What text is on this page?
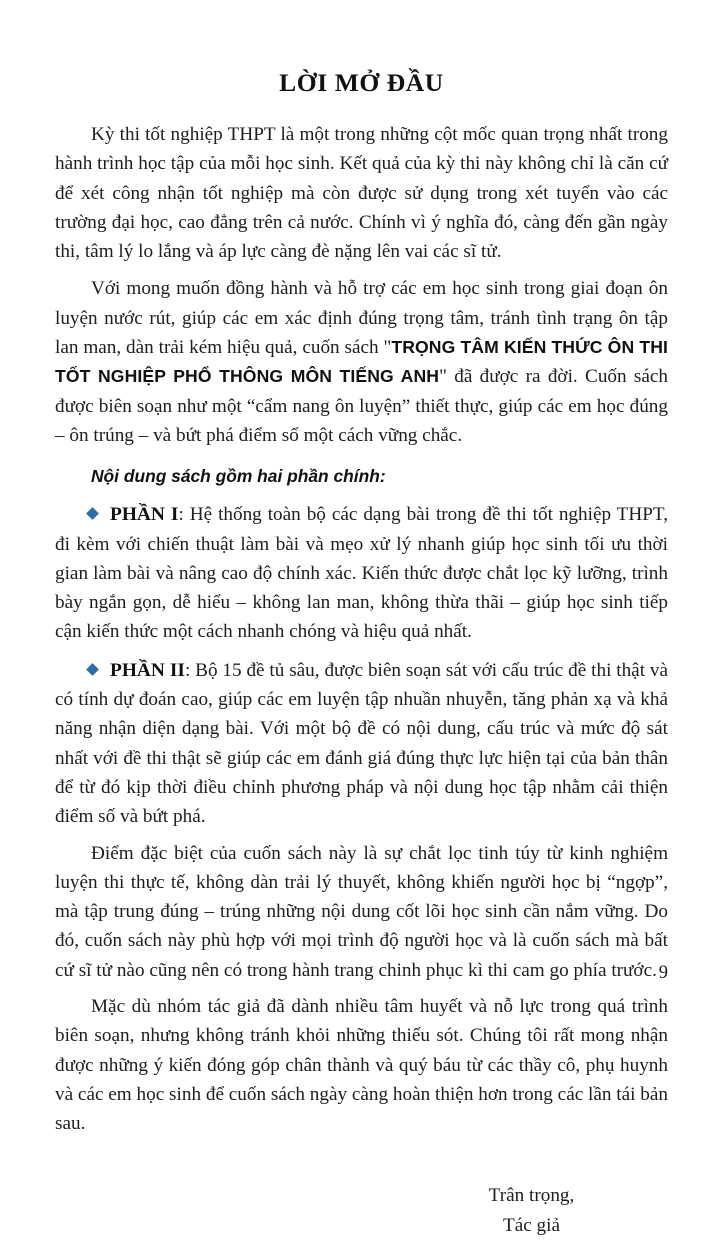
LỜI MỞ ĐẦU

Kỳ thi tốt nghiệp THPT là một trong những cột mốc quan trọng nhất trong hành trình học tập của mỗi học sinh. Kết quả của kỳ thi này không chỉ là căn cứ để xét công nhận tốt nghiệp mà còn được sử dụng trong xét tuyển vào các trường đại học, cao đẳng trên cả nước. Chính vì ý nghĩa đó, càng đến gần ngày thi, tâm lý lo lắng và áp lực càng đè nặng lên vai các sĩ tử.

Với mong muốn đồng hành và hỗ trợ các em học sinh trong giai đoạn ôn luyện nước rút, giúp các em xác định đúng trọng tâm, tránh tình trạng ôn tập lan man, dàn trải kém hiệu quả, cuốn sách "TRỌNG TÂM KIẾN THỨC ÔN THI TỐT NGHIỆP PHỔ THÔNG MÔN TIẾNG ANH" đã được ra đời. Cuốn sách được biên soạn như một “cẩm nang ôn luyện” thiết thực, giúp các em học đúng – ôn trúng – và bứt phá điểm số một cách vững chắc.

Nội dung sách gồm hai phần chính:

PHẦN I: Hệ thống toàn bộ các dạng bài trong đề thi tốt nghiệp THPT, đi kèm với chiến thuật làm bài và mẹo xử lý nhanh giúp học sinh tối ưu thời gian làm bài và nâng cao độ chính xác. Kiến thức được chắt lọc kỹ lưỡng, trình bày ngắn gọn, dễ hiểu – không lan man, không thừa thãi – giúp học sinh tiếp cận kiến thức một cách nhanh chóng và hiệu quả nhất.

PHẦN II: Bộ 15 đề tủ sâu, được biên soạn sát với cấu trúc đề thi thật và có tính dự đoán cao, giúp các em luyện tập nhuần nhuyễn, tăng phản xạ và khả năng nhận diện dạng bài. Với một bộ đề có nội dung, cấu trúc và mức độ sát nhất với đề thi thật sẽ giúp các em đánh giá đúng thực lực hiện tại của bản thân để từ đó kịp thời điều chỉnh phương pháp và nội dung học tập nhằm cải thiện điểm số và bứt phá.

Điểm đặc biệt của cuốn sách này là sự chắt lọc tinh túy từ kinh nghiệm luyện thi thực tế, không dàn trải lý thuyết, không khiến người học bị “ngợp”, mà tập trung đúng – trúng những nội dung cốt lõi học sinh cần nắm vững. Do đó, cuốn sách này phù hợp với mọi trình độ người học và là cuốn sách mà bất cứ sĩ tử nào cũng nên có trong hành trang chinh phục kì thi cam go phía trước.

Mặc dù nhóm tác giả đã dành nhiều tâm huyết và nỗ lực trong quá trình biên soạn, nhưng không tránh khỏi những thiếu sót. Chúng tôi rất mong nhận được những ý kiến đóng góp chân thành và quý báu từ các thầy cô, phụ huynh và các em học sinh để cuốn sách ngày càng hoàn thiện hơn trong các lần tái bản sau.

Trân trọng,
Tác giả
9
